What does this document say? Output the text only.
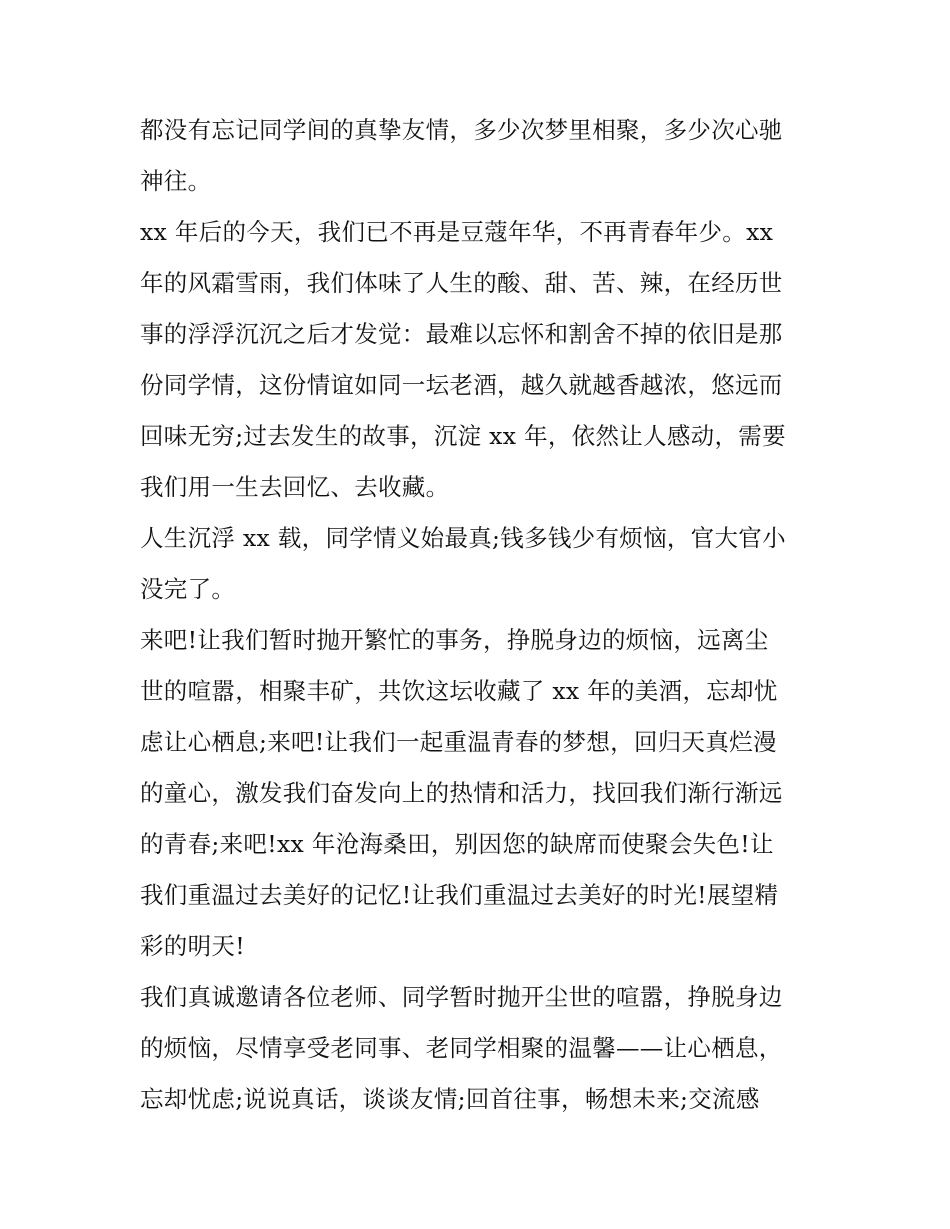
都没有忘记同学间的真挚友情，多少次梦里相聚，多少次心驰
神往。
xx 年后的今天，我们已不再是豆蔻年华，不再青春年少。xx
年的风霜雪雨，我们体味了人生的酸、甜、苦、辣，在经历世
事的浮浮沉沉之后才发觉：最难以忘怀和割舍不掉的依旧是那
份同学情，这份情谊如同一坛老酒，越久就越香越浓，悠远而
回味无穷;过去发生的故事，沉淀 xx 年，依然让人感动，需要
我们用一生去回忆、去收藏。
人生沉浮 xx 载，同学情义始最真;钱多钱少有烦恼，官大官小
没完了。
来吧!让我们暂时抛开繁忙的事务，挣脱身边的烦恼，远离尘
世的喧嚣，相聚丰矿，共饮这坛收藏了 xx 年的美酒，忘却忧
虑让心栖息;来吧!让我们一起重温青春的梦想，回归天真烂漫
的童心，激发我们奋发向上的热情和活力，找回我们渐行渐远
的青春;来吧!xx 年沧海桑田，别因您的缺席而使聚会失色!让
我们重温过去美好的记忆!让我们重温过去美好的时光!展望精
彩的明天!
我们真诚邀请各位老师、同学暂时抛开尘世的喧嚣，挣脱身边
的烦恼，尽情享受老同事、老同学相聚的温馨——让心栖息，
忘却忧虑;说说真话，谈谈友情;回首往事，畅想未来;交流感
